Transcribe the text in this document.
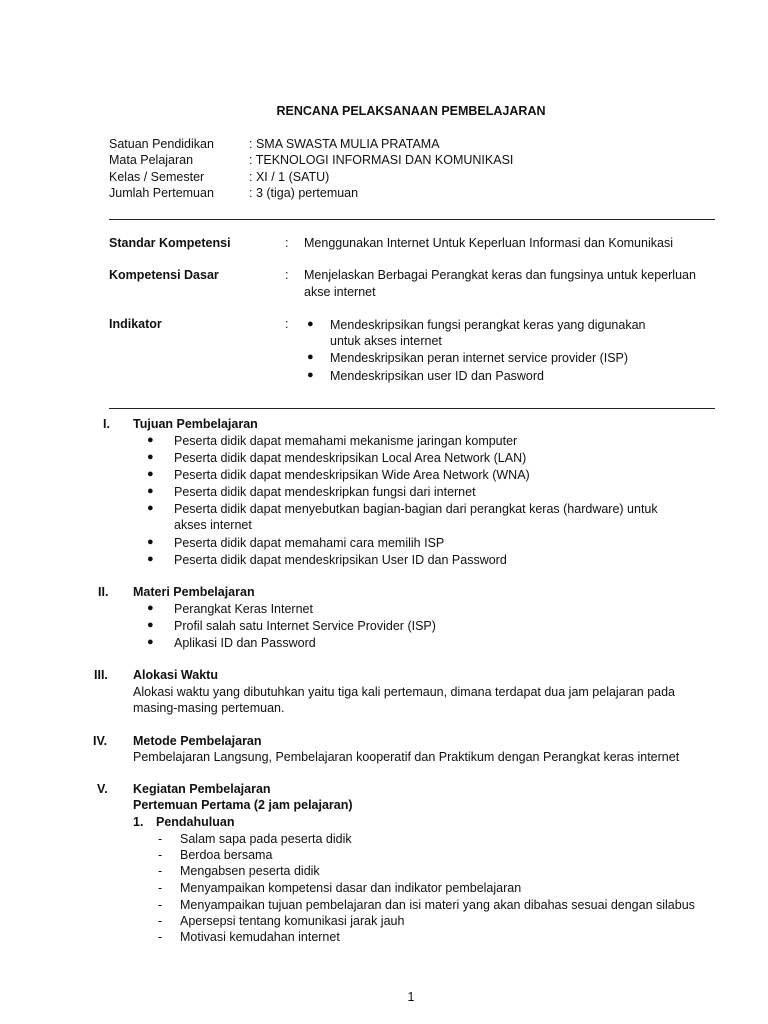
RENCANA PELAKSANAAN PEMBELAJARAN
Satuan Pendidikan	: SMA SWASTA MULIA PRATAMA
Mata Pelajaran	: TEKNOLOGI INFORMASI DAN KOMUNIKASI
Kelas / Semester	: XI / 1 (SATU)
Jumlah Pertemuan	: 3 (tiga) pertemuan
Standar Kompetensi	: Menggunakan Internet Untuk Keperluan Informasi dan Komunikasi
Kompetensi Dasar	: Menjelaskan Berbagai Perangkat keras dan fungsinya untuk keperluan
akse internet
Indikator	: ● Mendeskripsikan fungsi perangkat keras yang digunakan
untuk akses internet
● Mendeskripsikan peran internet service provider (ISP)
● Mendeskripsikan user ID dan Pasword
I. Tujuan Pembelajaran
● Peserta didik dapat memahami mekanisme jaringan komputer
● Peserta didik dapat mendeskripsikan Local Area Network (LAN)
● Peserta didik dapat mendeskripsikan Wide Area Network (WNA)
● Peserta didik dapat mendeskripkan fungsi dari internet
● Peserta didik dapat menyebutkan bagian-bagian dari perangkat keras (hardware) untuk
akses internet
● Peserta didik dapat memahami cara memilih ISP
● Peserta didik dapat mendeskripsikan User ID dan Password
II. Materi Pembelajaran
● Perangkat Keras Internet
● Profil salah satu Internet Service Provider (ISP)
● Aplikasi ID dan Password
III. Alokasi Waktu
Alokasi waktu yang dibutuhkan yaitu tiga kali pertemaun, dimana terdapat dua jam pelajaran pada
masing-masing pertemuan.
IV. Metode Pembelajaran
Pembelajaran Langsung, Pembelajaran kooperatif dan Praktikum dengan Perangkat keras internet
V. Kegiatan Pembelajaran
Pertemuan Pertama (2 jam pelajaran)
1. Pendahuluan
- Salam sapa pada peserta didik
- Berdoa bersama
- Mengabsen peserta didik
- Menyampaikan kompetensi dasar dan indikator pembelajaran
- Menyampaikan tujuan pembelajaran dan isi materi yang akan dibahas sesuai dengan silabus
- Apersepsi tentang komunikasi jarak jauh
- Motivasi kemudahan internet
1
